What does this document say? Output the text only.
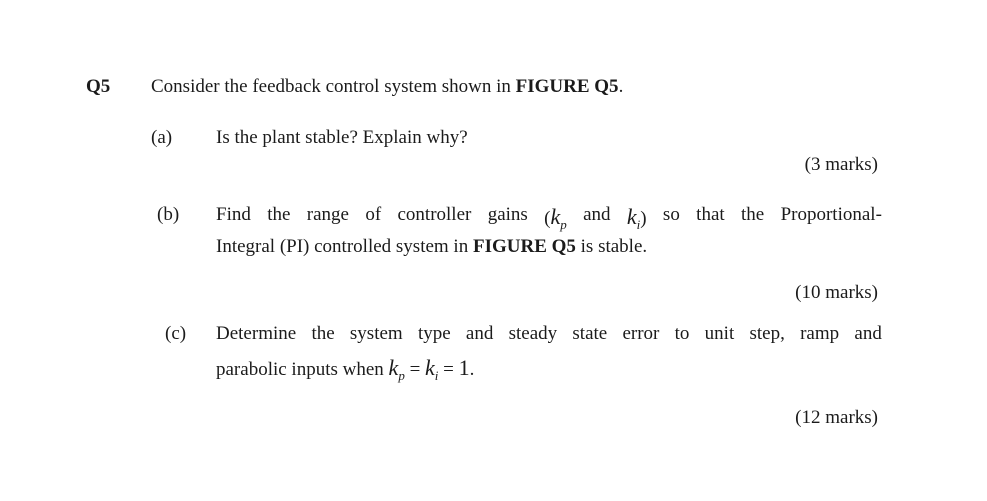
Q5 Consider the feedback control system shown in FIGURE Q5.
(a) Is the plant stable? Explain why?
(3 marks)
(b) Find the range of controller gains (kp and ki) so that the Proportional-
Integral (PI) controlled system in FIGURE Q5 is stable.
(10 marks)
(c) Determine the system type and steady state error to unit step, ramp and
parabolic inputs when $k_p = k_i = 1$.
(12 marks)
